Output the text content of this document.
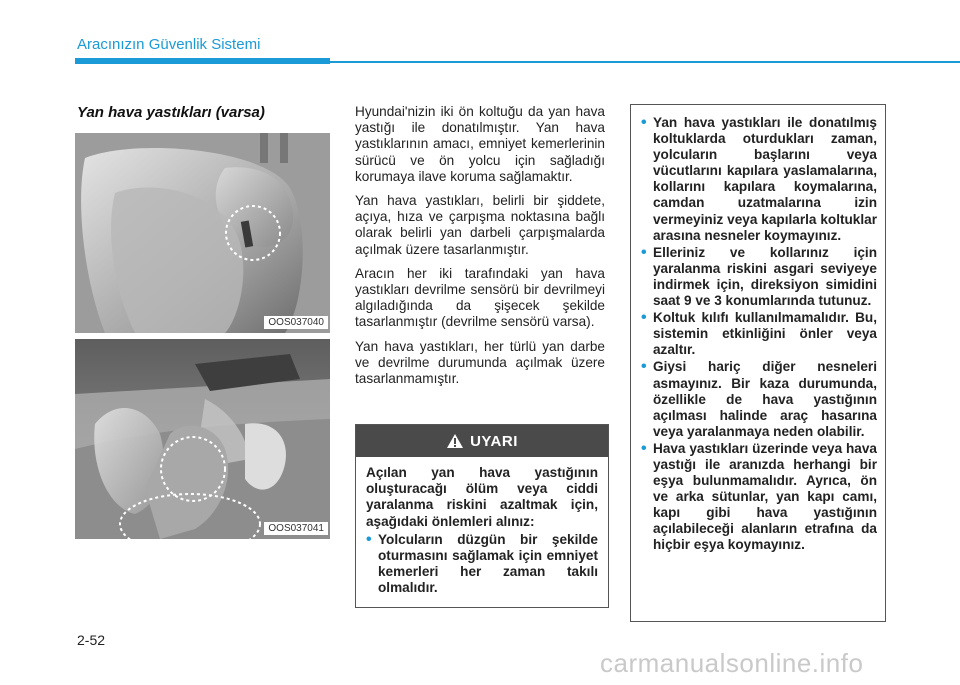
Aracınızın Güvenlik Sistemi
Yan hava yastıkları (varsa)
OOS037040
OOS037041

Hyundai'nizin iki ön koltuğu da yan hava yastığı ile donatılmıştır. Yan hava yastıklarının amacı, emniyet kemerlerinin sürücü ve ön yolcu için sağladığı korumaya ilave koruma sağlamaktır.

Yan hava yastıkları, belirli bir şiddete, açıya, hıza ve çarpışma noktasına bağlı olarak belirli yan darbeli çarpışmalarda açılmak üzere tasarlanmıştır.

Aracın her iki tarafındaki yan hava yastıkları devrilme sensörü bir devrilmeyi algıladığında da şişecek şekilde tasarlanmıştır (devrilme sensörü varsa).

Yan hava yastıkları, her türlü yan darbe ve devrilme durumunda açılmak üzere tasarlanmamıştır.

UYARI

Açılan yan hava yastığının oluşturacağı ölüm veya ciddi yaralanma riskini azaltmak için, aşağıdaki önlemleri alınız:

• Yolcuların düzgün bir şekilde oturmasını sağlamak için emniyet kemerleri her zaman takılı olmalıdır.
• Yan hava yastıkları ile donatılmış koltuklarda oturdukları zaman, yolcuların başlarını veya vücutlarını kapılara yaslamalarına, kollarını kapılara koymalarına, camdan uzatmalarına izin vermeyiniz veya kapılarla koltuklar arasına nesneler koymayınız.
• Elleriniz ve kollarınız için yaralanma riskini asgari seviyeye indirmek için, direksiyon simidini saat 9 ve 3 konumlarında tutunuz.
• Koltuk kılıfı kullanılmamalıdır. Bu, sistemin etkinliğini önler veya azaltır.
• Giysi hariç diğer nesneleri asmayınız. Bir kaza durumunda, özellikle de hava yastığının açılması halinde araç hasarına veya yaralanmaya neden olabilir.
• Hava yastıkları üzerinde veya hava yastığı ile aranızda herhangi bir eşya bulunmamalıdır. Ayrıca, ön ve arka sütunlar, yan kapı camı, kapı gibi hava yastığının açılabileceği alanların etrafına da hiçbir eşya koymayınız.
2-52
carmanualsonline.info
